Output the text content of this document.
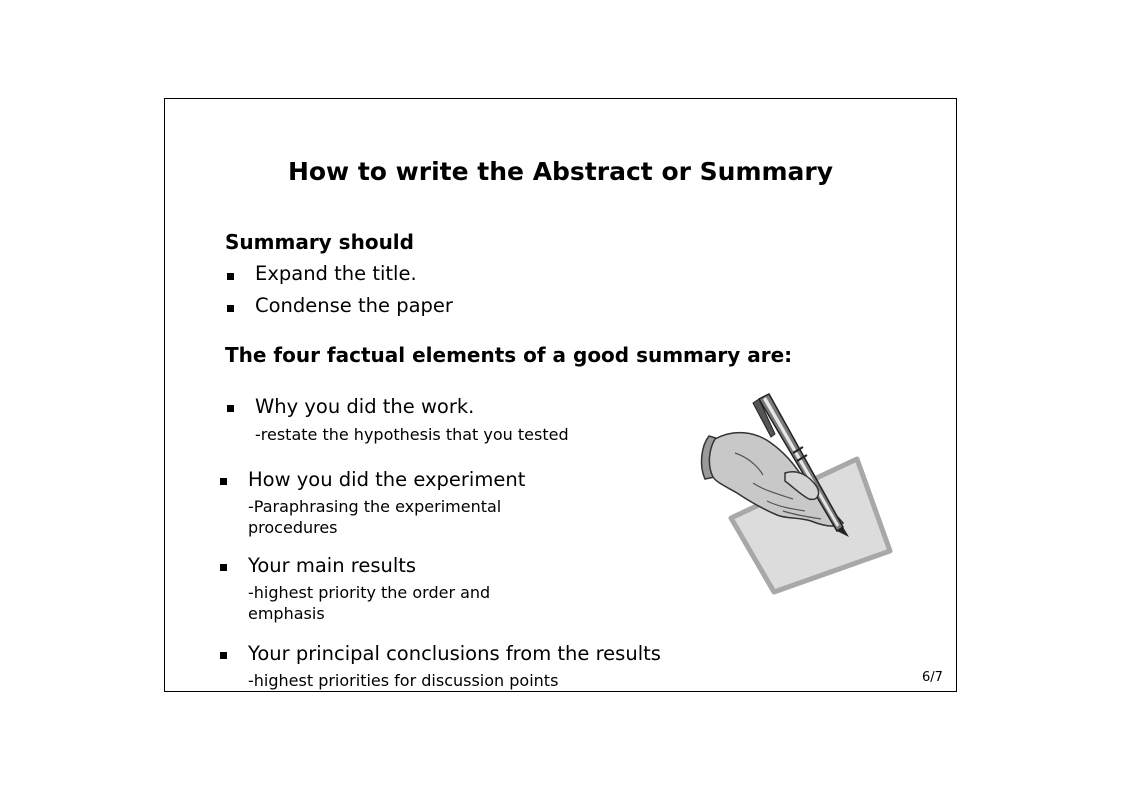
How to write the Abstract or Summary
Summary should
Expand the title.
Condense the paper
The four factual elements of a good summary are:
Why you did the work.
-restate the hypothesis that you tested
How you did the experiment
-Paraphrasing the experimental
procedures
Your main results
-highest priority the order and
emphasis
Your principal conclusions from the results
-highest priorities for discussion points	6/7
